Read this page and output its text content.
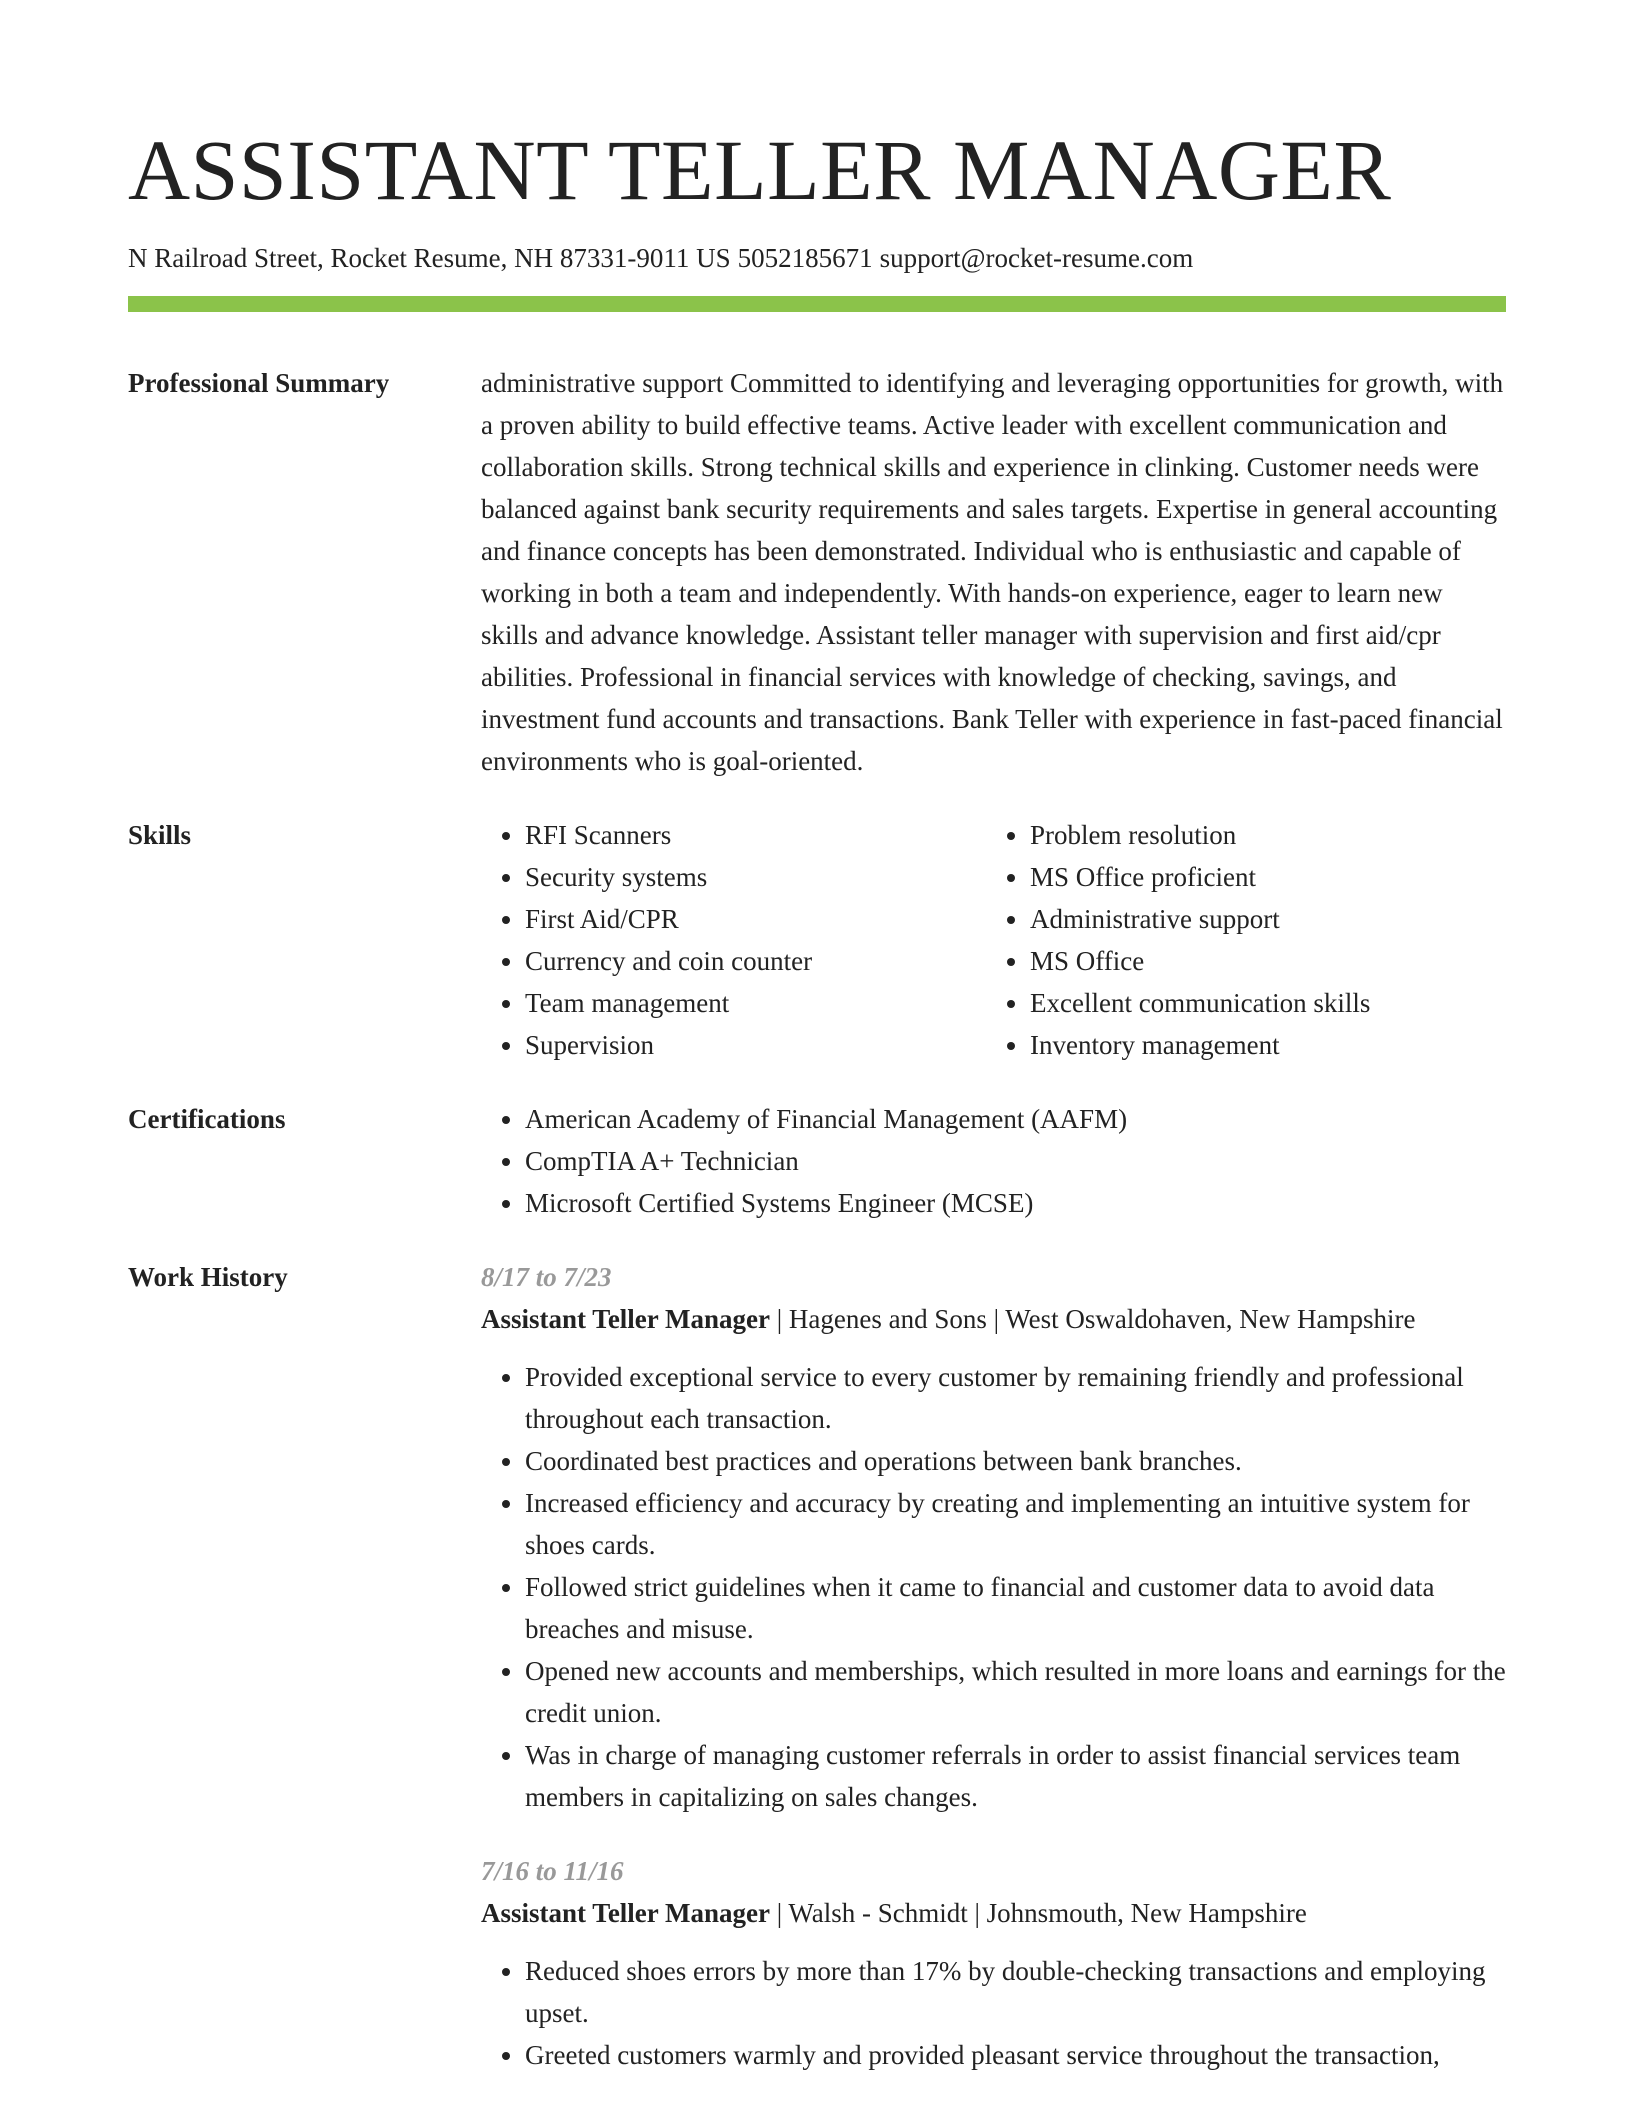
ASSISTANT TELLER MANAGER
N Railroad Street, Rocket Resume, NH 87331-9011 US 5052185671 support@rocket-resume.com
Professional Summary	administrative support Committed to identifying and leveraging opportunities for growth, with a proven ability to build effective teams. Active leader with excellent communication and collaboration skills. Strong technical skills and experience in clinking. Customer needs were balanced against bank security requirements and sales targets. Expertise in general accounting and finance concepts has been demonstrated. Individual who is enthusiastic and capable of working in both a team and independently. With hands-on experience, eager to learn new skills and advance knowledge. Assistant teller manager with supervision and first aid/cpr abilities. Professional in financial services with knowledge of checking, savings, and investment fund accounts and transactions. Bank Teller with experience in fast-paced financial environments who is goal-oriented.

Skills	• RFI Scanners
• Security systems
• First Aid/CPR
• Currency and coin counter
• Team management
• Supervision
• Problem resolution
• MS Office proficient
• Administrative support
• MS Office
• Excellent communication skills
• Inventory management
Certifications	• American Academy of Financial Management (AAFM)
• CompTIA A+ Technician
• Microsoft Certified Systems Engineer (MCSE)
Work History	8/17 to 7/23
Assistant Teller Manager | Hagenes and Sons | West Oswaldohaven, New Hampshire
• Provided exceptional service to every customer by remaining friendly and professional throughout each transaction.
• Coordinated best practices and operations between bank branches.
• Increased efficiency and accuracy by creating and implementing an intuitive system for shoes cards.
• Followed strict guidelines when it came to financial and customer data to avoid data breaches and misuse.
• Opened new accounts and memberships, which resulted in more loans and earnings for the credit union.
• Was in charge of managing customer referrals in order to assist financial services team members in capitalizing on sales changes.
7/16 to 11/16
Assistant Teller Manager | Walsh - Schmidt | Johnsmouth, New Hampshire
• Reduced shoes errors by more than 17% by double-checking transactions and employing upset.
• Greeted customers warmly and provided pleasant service throughout the transaction,
